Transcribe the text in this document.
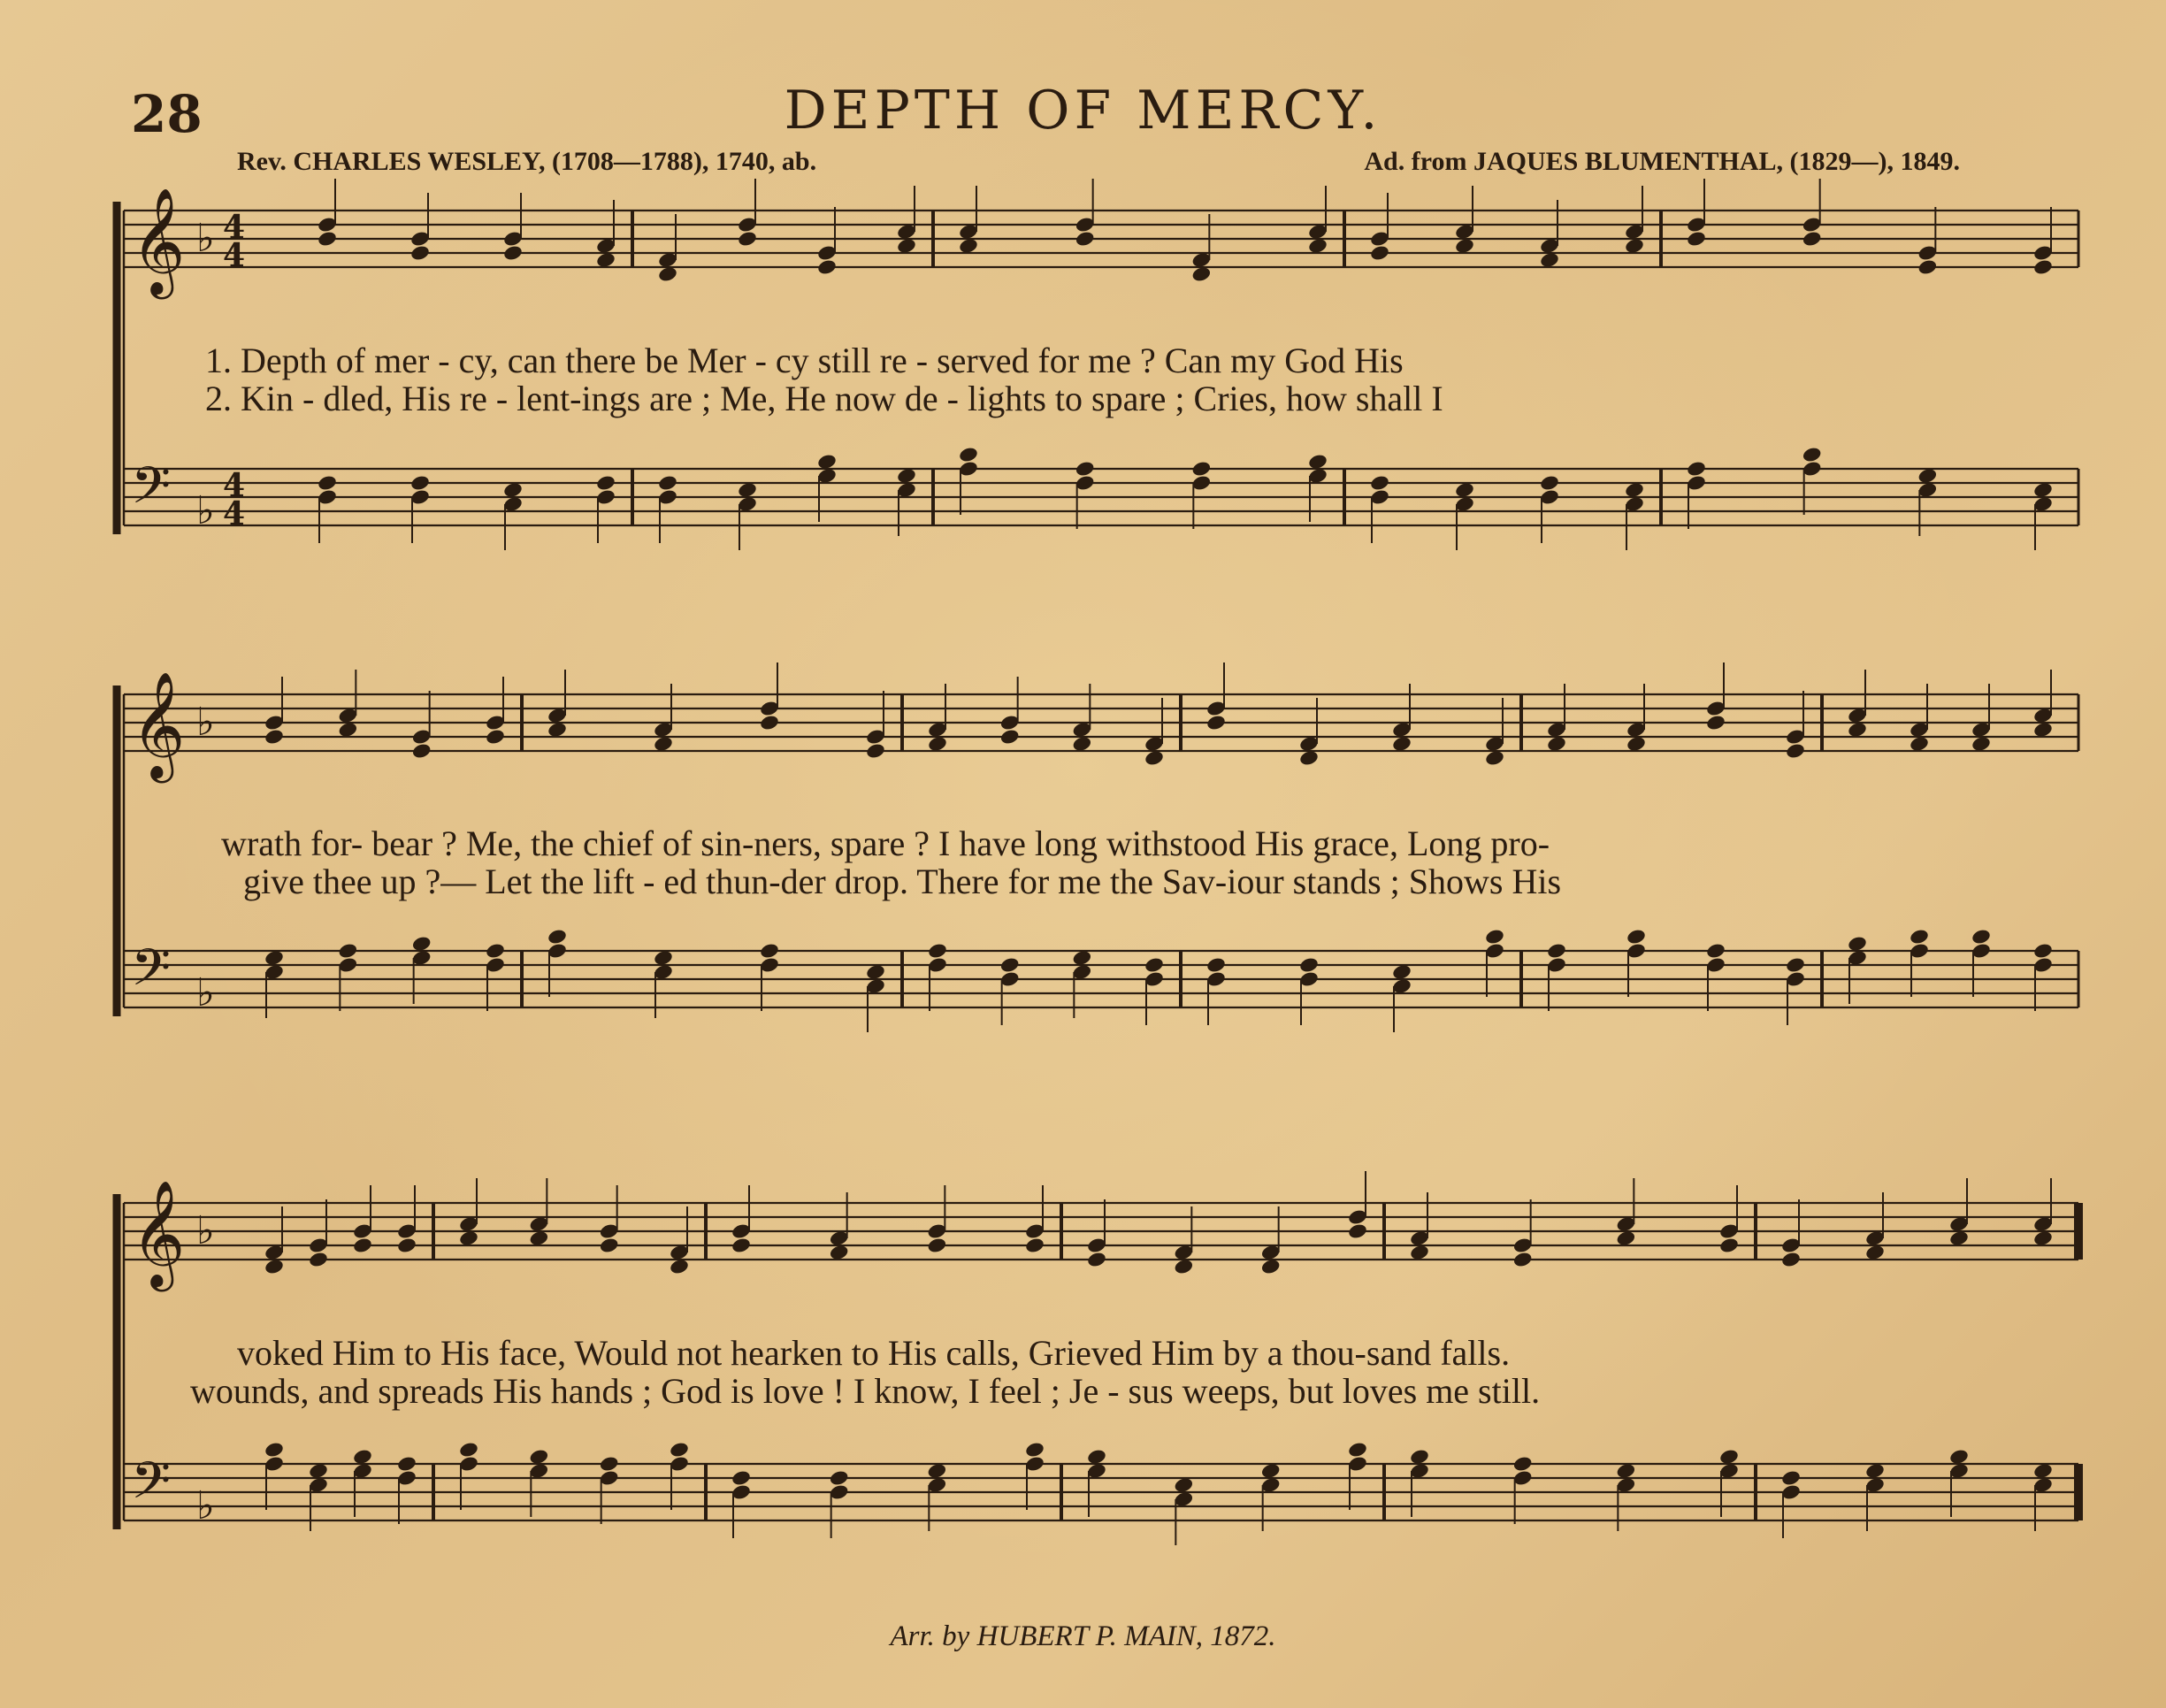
28	DEPTH OF MERCY.
Rev. CHARLES WESLEY, (1708—1788), 1740, ab.	Ad. from JAQUES BLUMENTHAL, (1829—), 1849.
𝄞
𝄢
♭
♭
4
4
4
4
𝄞
𝄢
♭
♭
𝄞
𝄢
♭
♭
1. Depth of mer - cy, can there be Mer - cy still re - served for me ? Can my God His
2. Kin - dled, His re - lent-ings are ; Me, He now de - lights to spare ; Cries, how shall I
wrath for- bear ? Me, the chief of sin-ners, spare ? I have long withstood His grace, Long pro-
give thee up ?— Let the lift - ed thun-der drop. There for me the Sav-iour stands ; Shows His
voked Him to His face, Would not hearken to His calls, Grieved Him by a thou-sand falls.
wounds, and spreads His hands ; God is love ! I know, I feel ; Je - sus weeps, but loves me still.
Arr. by HUBERT P. MAIN, 1872.
